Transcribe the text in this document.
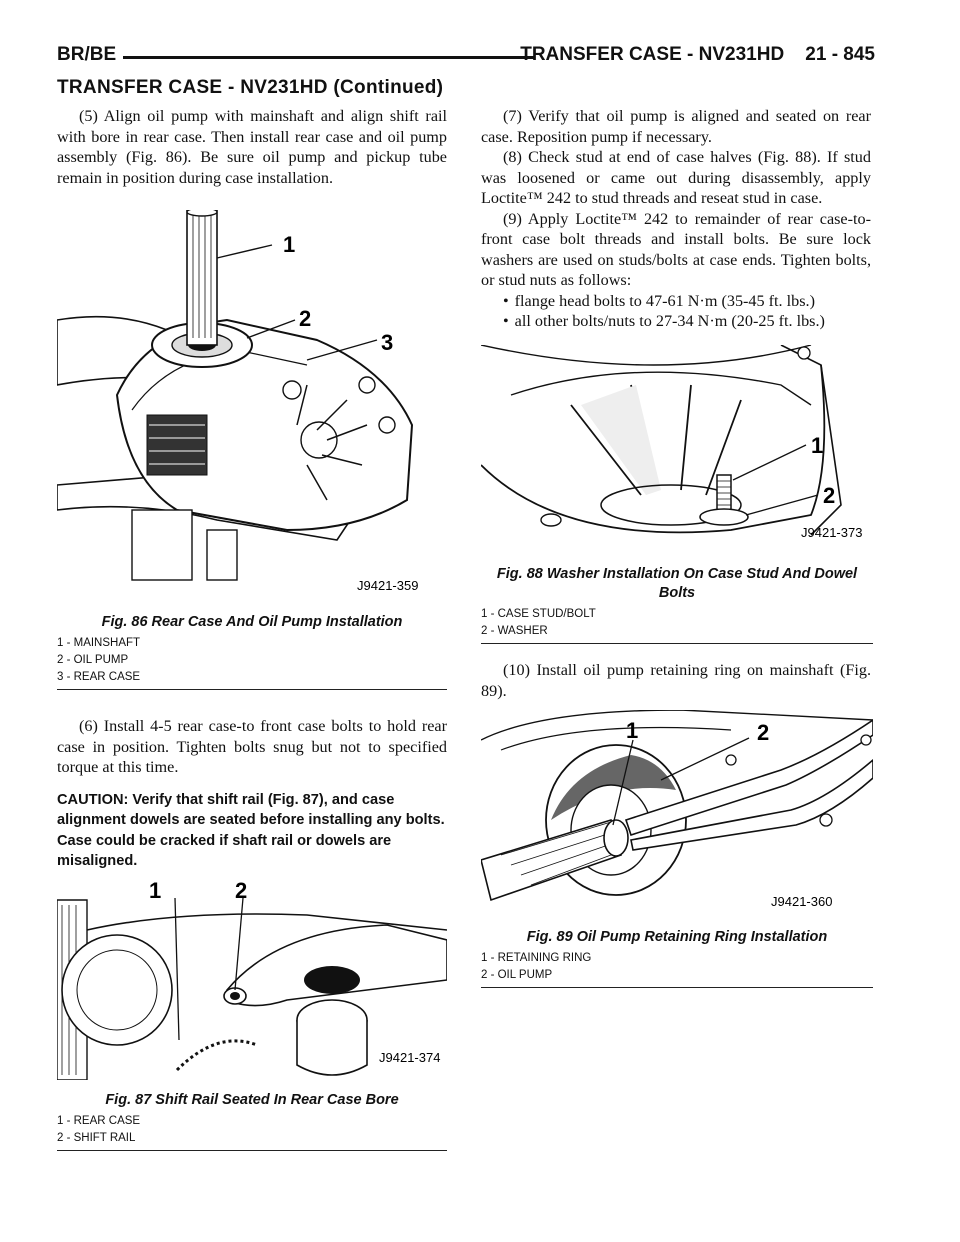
BR/BE	TRANSFER CASE - NV231HD    21 - 845
TRANSFER CASE - NV231HD (Continued)

(5) Align oil pump with mainshaft and align shift rail with bore in rear case. Then install rear case and oil pump assembly (Fig. 86). Be sure oil pump and pickup tube remain in position during case installation.

1
2
3
J9421-359
Fig. 86 Rear Case And Oil Pump Installation
1 - MAINSHAFT
2 - OIL PUMP
3 - REAR CASE

(6) Install 4-5 rear case-to front case bolts to hold rear case in position. Tighten bolts snug but not to specified torque at this time.

CAUTION: Verify that shift rail (Fig. 87), and case alignment dowels are seated before installing any bolts. Case could be cracked if shaft rail or dowels are misaligned.
1	2
J9421-374
Fig. 87 Shift Rail Seated In Rear Case Bore
1 - REAR CASE
2 - SHIFT RAIL

(7) Verify that oil pump is aligned and seated on rear case. Reposition pump if necessary.

(8) Check stud at end of case halves (Fig. 88). If stud was loosened or came out during disassembly, apply Loctite™ 242 to stud threads and reseat stud in case.

(9) Apply Loctite™ 242 to remainder of rear case-to-front case bolt threads and install bolts. Be sure lock washers are used on studs/bolts at case ends. Tighten bolts, or stud nuts as follows:

• flange head bolts to 47-61 N·m (35-45 ft. lbs.)
• all other bolts/nuts to 27-34 N·m (20-25 ft. lbs.)
1
2
J9421-373
Fig. 88 Washer Installation On Case Stud And Dowel Bolts
1 - CASE STUD/BOLT
2 - WASHER

(10) Install oil pump retaining ring on mainshaft (Fig. 89).

1	2
J9421-360
Fig. 89 Oil Pump Retaining Ring Installation
1 - RETAINING RING
2 - OIL PUMP
